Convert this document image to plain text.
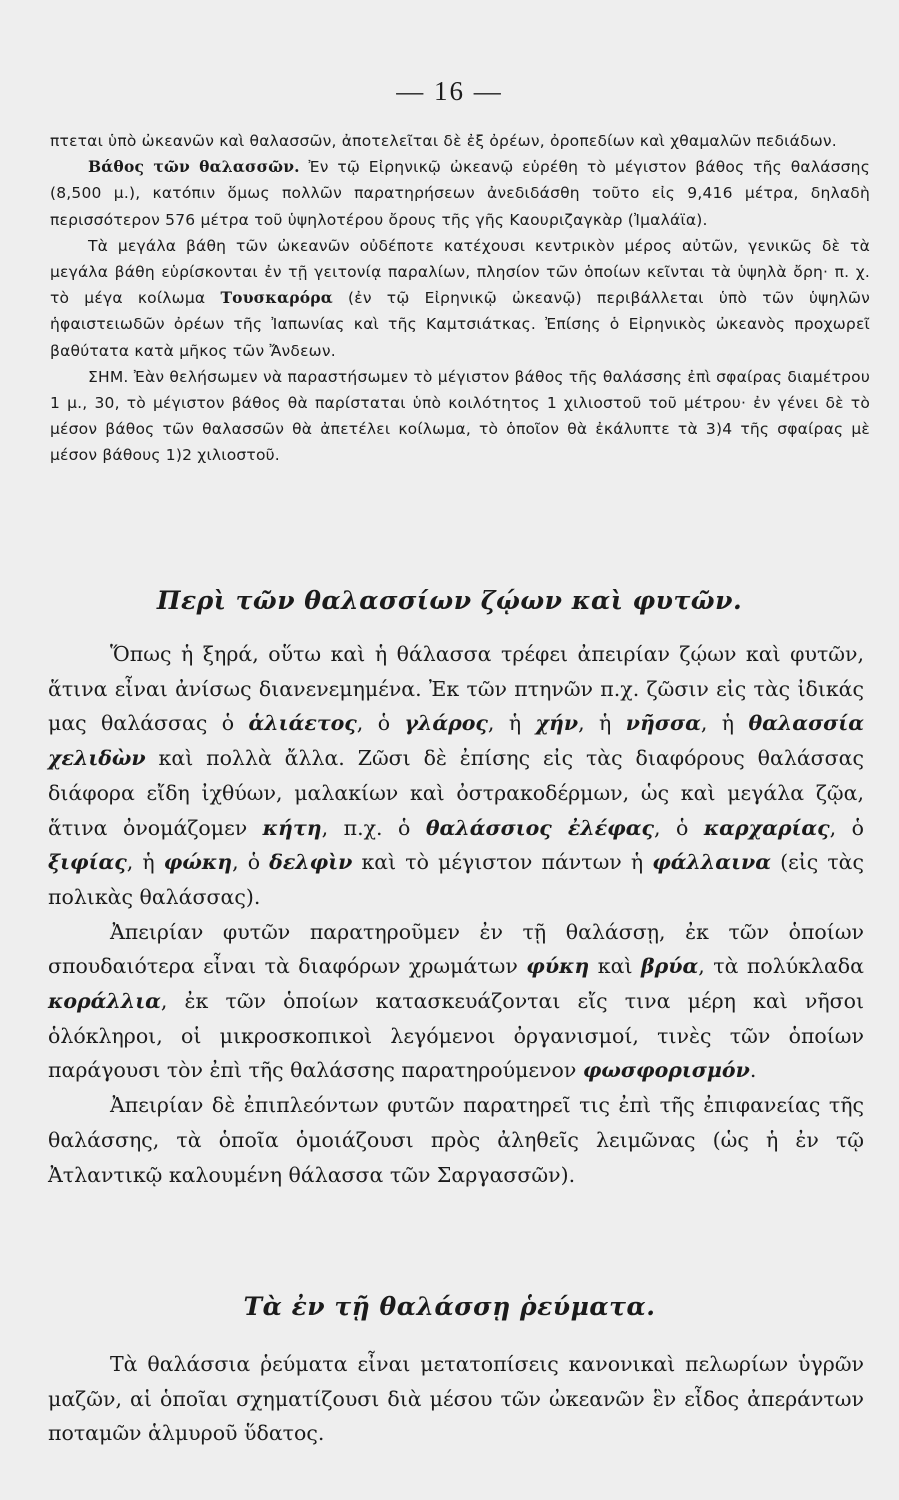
— 16 —

πτεται ὑπὸ ὠκεανῶν καὶ θαλασσῶν, ἀποτελεῖται δὲ ἐξ ὀρέων, ὀροπεδίων καὶ χθαμαλῶν πεδιάδων.

Βάθος τῶν θαλασσῶν. Ἐν τῷ Εἰρηνικῷ ὠκεανῷ εὑρέθη τὸ μέγιστον βάθος τῆς θαλάσσης (8,500 μ.), κατόπιν ὅμως πολλῶν παρατηρήσεων ἀνεδιδάσθη τοῦτο εἰς 9,416 μέτρα, δηλαδὴ περισσότερον 576 μέτρα τοῦ ὑψηλοτέρου ὄρους τῆς γῆς Καουριζαγκὰρ (Ἰμαλάϊα).

Τὰ μεγάλα βάθη τῶν ὠκεανῶν οὐδέποτε κατέχουσι κεντρικὸν μέρος αὐτῶν, γενικῶς δὲ τὰ μεγάλα βάθη εὑρίσκονται ἐν τῇ γειτονίᾳ παραλίων, πλησίον τῶν ὁποίων κεῖνται τὰ ὑψηλὰ ὄρη· π. χ. τὸ μέγα κοίλωμα Τουσκαρόρα (ἐν τῷ Εἰρηνικῷ ὠκεανῷ) περιβάλλεται ὑπὸ τῶν ὑψηλῶν ἡφαιστειωδῶν ὀρέων τῆς Ἰαπωνίας καὶ τῆς Καμτσιάτκας. Ἐπίσης ὁ Εἰρηνικὸς ὠκεανὸς προχωρεῖ βαθύτατα κατὰ μῆκος τῶν Ἄνδεων.

ΣΗΜ. Ἐὰν θελήσωμεν νὰ παραστήσωμεν τὸ μέγιστον βάθος τῆς θαλάσσης ἐπὶ σφαίρας διαμέτρου 1 μ., 30, τὸ μέγιστον βάθος θὰ παρίσταται ὑπὸ κοιλότητος 1 χιλιοστοῦ τοῦ μέτρου· ἐν γένει δὲ τὸ μέσον βάθος τῶν θαλασσῶν θὰ ἀπετέλει κοίλωμα, τὸ ὁποῖον θὰ ἐκάλυπτε τὰ 3)4 τῆς σφαίρας μὲ μέσον βάθους 1)2 χιλιοστοῦ.

Περὶ τῶν θαλασσίων ζῴων καὶ φυτῶν.

Ὅπως ἡ ξηρά, οὕτω καὶ ἡ θάλασσα τρέφει ἀπειρίαν ζῴων καὶ φυτῶν, ἅτινα εἶναι ἀνίσως διανενεμημένα. Ἐκ τῶν πτηνῶν π.χ. ζῶσιν εἰς τὰς ἰδικάς μας θαλάσσας ὁ ἁλιάετος, ὁ γλάρος, ἡ χήν, ἡ νῆσσα, ἡ θαλασσία χελιδὼν καὶ πολλὰ ἄλλα. Ζῶσι δὲ ἐπίσης εἰς τὰς διαφόρους θαλάσσας διάφορα εἴδη ἰχθύων, μαλακίων καὶ ὀστρακοδέρμων, ὡς καὶ μεγάλα ζῷα, ἅτινα ὀνομάζομεν κήτη, π.χ. ὁ θαλάσσιος ἐλέφας, ὁ καρχαρίας, ὁ ξιφίας, ἡ φώκη, ὁ δελφὶν καὶ τὸ μέγιστον πάντων ἡ φάλλαινα (εἰς τὰς πολικὰς θαλάσσας).

Ἀπειρίαν φυτῶν παρατηροῦμεν ἐν τῇ θαλάσσῃ, ἐκ τῶν ὁποίων σπουδαιότερα εἶναι τὰ διαφόρων χρωμάτων φύκη καὶ βρύα, τὰ πολύκλαδα κοράλλια, ἐκ τῶν ὁποίων κατασκευάζονται εἴς τινα μέρη καὶ νῆσοι ὁλόκληροι, οἱ μικροσκοπικοὶ λεγόμενοι ὀργανισμοί, τινὲς τῶν ὁποίων παράγουσι τὸν ἐπὶ τῆς θαλάσσης παρατηρούμενον φωσφορισμόν.

Ἀπειρίαν δὲ ἐπιπλεόντων φυτῶν παρατηρεῖ τις ἐπὶ τῆς ἐπιφανείας τῆς θαλάσσης, τὰ ὁποῖα ὁμοιάζουσι πρὸς ἀληθεῖς λειμῶνας (ὡς ἡ ἐν τῷ Ἀτλαντικῷ καλουμένη θάλασσα τῶν Σαργασσῶν).

Τὰ ἐν τῇ θαλάσσῃ ῥεύματα.

Τὰ θαλάσσια ῥεύματα εἶναι μετατοπίσεις κανονικαὶ πελωρίων ὑγρῶν μαζῶν, αἱ ὁποῖαι σχηματίζουσι διὰ μέσου τῶν ὠκεανῶν ἓν εἶδος ἀπεράντων ποταμῶν ἁλμυροῦ ὕδατος.
